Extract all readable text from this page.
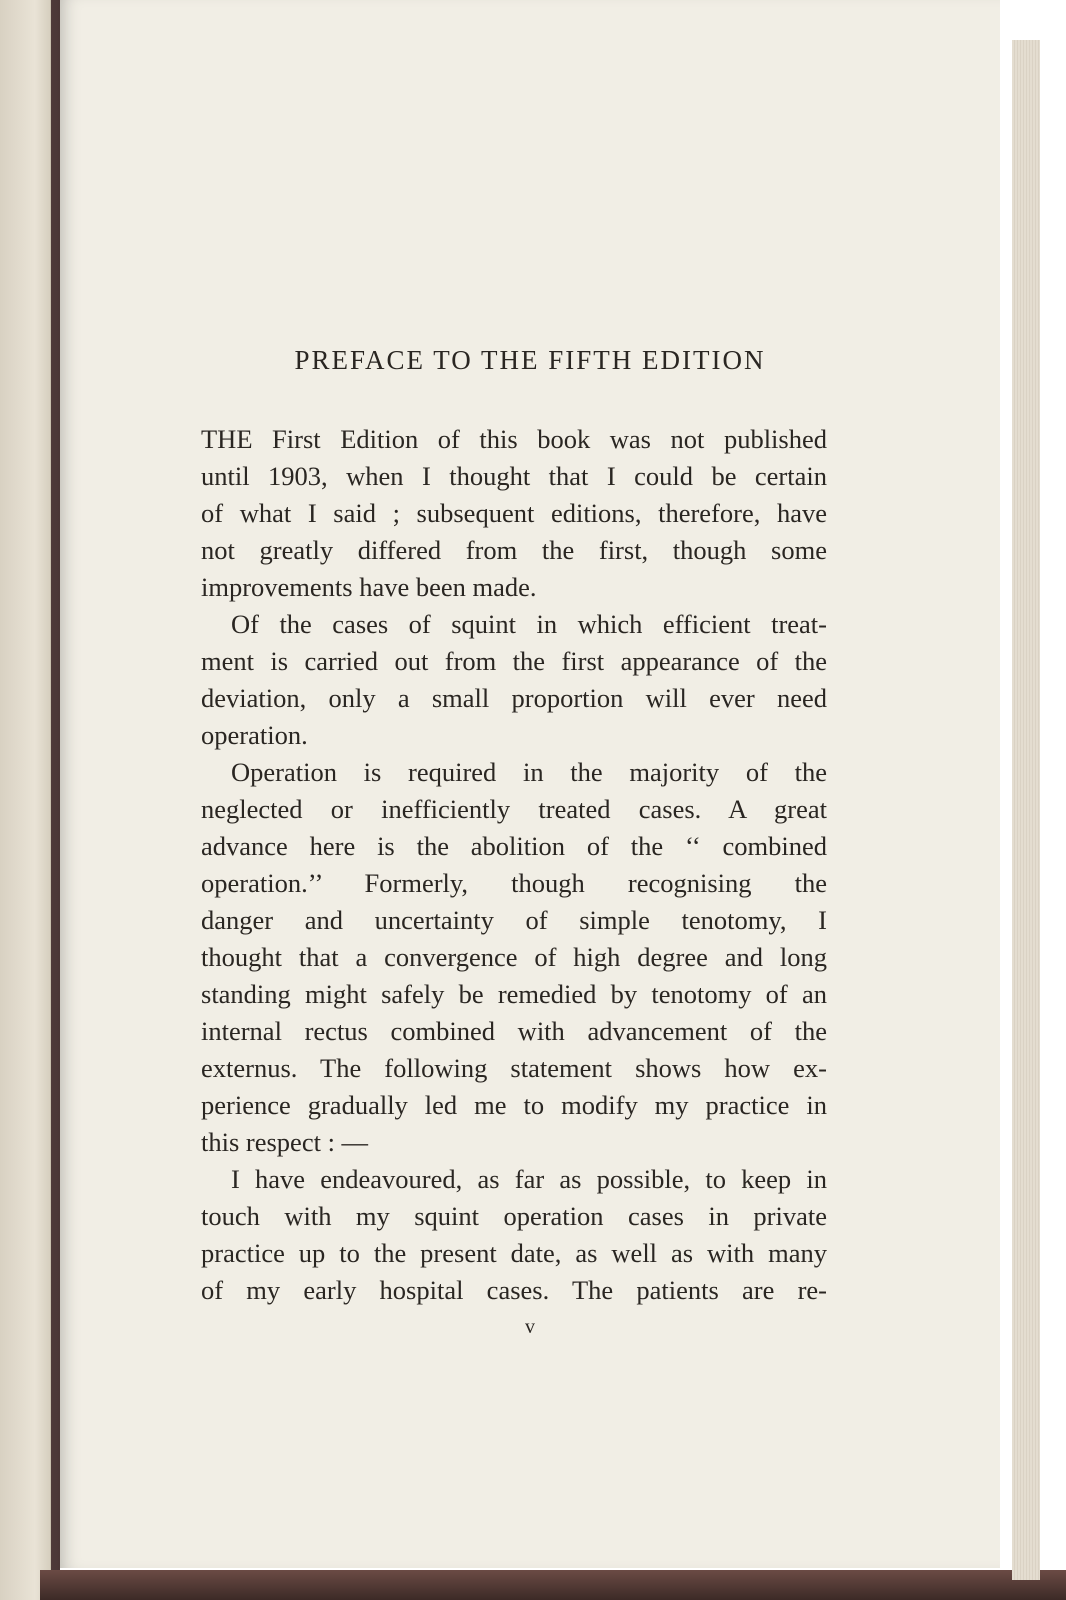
PREFACE TO THE FIFTH EDITION
THE First Edition of this book was not published
until 1903, when I thought that I could be certain
of what I said ; subsequent editions, therefore, have
not greatly differed from the first, though some
improvements have been made.
Of the cases of squint in which efficient treat-
ment is carried out from the first appearance of the
deviation, only a small proportion will ever need
operation.
Operation is required in the majority of the
neglected or inefficiently treated cases. A great
advance here is the abolition of the ‘‘ combined
operation.’’ Formerly, though recognising the
danger and uncertainty of simple tenotomy, I
thought that a convergence of high degree and long
standing might safely be remedied by tenotomy of an
internal rectus combined with advancement of the
externus. The following statement shows how ex-
perience gradually led me to modify my practice in
this respect : —
I have endeavoured, as far as possible, to keep in
touch with my squint operation cases in private
practice up to the present date, as well as with many
of my early hospital cases. The patients are re-
v
